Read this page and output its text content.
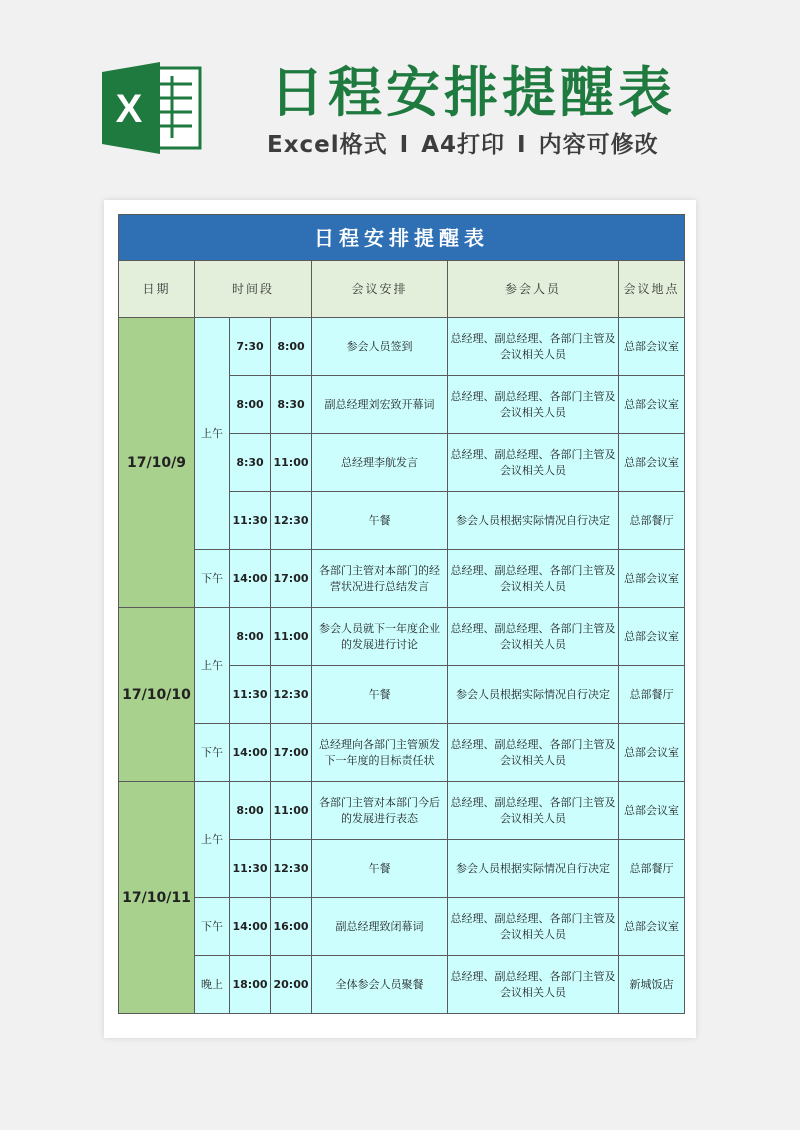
X 日程安排提醒表
Excel格式 I A4打印 I 内容可修改
日程安排提醒表						
日期	时间段			会议安排	参会人员	会议地点
17/10/9	上午	7:30	8:00	参会人员签到	总经理、副总经理、各部门主管及会议相关人员	总部会议室
		8:00	8:30	副总经理刘宏致开幕词	总经理、副总经理、各部门主管及会议相关人员	总部会议室
		8:30	11:00	总经理李航发言	总经理、副总经理、各部门主管及会议相关人员	总部会议室
		11:30	12:30	午餐	参会人员根据实际情况自行决定	总部餐厅
	下午	14:00	17:00	各部门主管对本部门的经营状况进行总结发言	总经理、副总经理、各部门主管及会议相关人员	总部会议室
17/10/10	上午	8:00	11:00	参会人员就下一年度企业的发展进行讨论	总经理、副总经理、各部门主管及会议相关人员	总部会议室
		11:30	12:30	午餐	参会人员根据实际情况自行决定	总部餐厅
	下午	14:00	17:00	总经理向各部门主管颁发下一年度的目标责任状	总经理、副总经理、各部门主管及会议相关人员	总部会议室
17/10/11	上午	8:00	11:00	各部门主管对本部门今后的发展进行表态	总经理、副总经理、各部门主管及会议相关人员	总部会议室
		11:30	12:30	午餐	参会人员根据实际情况自行决定	总部餐厅
	下午	14:00	16:00	副总经理致闭幕词	总经理、副总经理、各部门主管及会议相关人员	总部会议室
	晚上	18:00	20:00	全体参会人员聚餐	总经理、副总经理、各部门主管及会议相关人员	新城饭店
